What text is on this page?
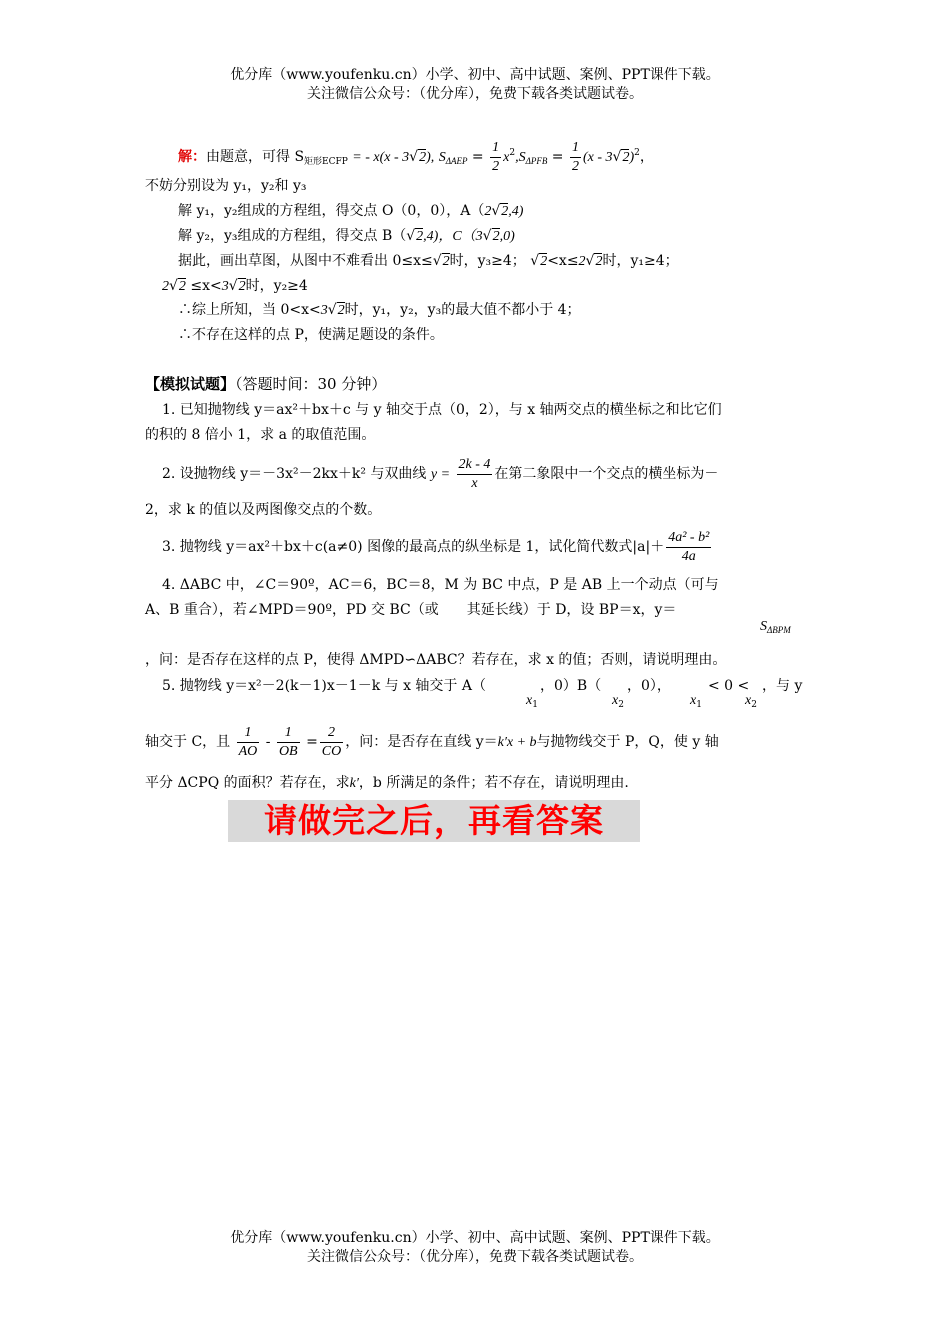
优分库（www.youfenku.cn）小学、初中、高中试题、案例、PPT课件下载。
关注微信公众号：（优分库），免费下载各类试题试卷。
解：由题意，可得 $S_{矩形ECFP}$ = - x(x - 3√2), $S_{\Delta AEP} = \frac{1}{2} x^2,S_{\Delta PFB} = \frac{1}{2} (x - 3√2)^2$，
不妨分别设为 y₁，y₂和 y₃
解 y₁，y₂组成的方程组，得交点 O（0，0），A（2√2,4)
解 y₂，y₃组成的方程组，得交点 B（√2,4)，C（3√2,0)
据此，画出草图，从图中不难看出 0≤x≤√2时，y₃≥4； √2<x≤2√2时，y₁≥4；
2√2 ≤x<3√2时，y₂≥4
∴综上所知，当 0<x<3√2时，y₁，y₂，y₃的最大值不都小于 4；
∴不存在这样的点 P，使满足题设的条件。
【模拟试题】（答题时间：30 分钟）
1. 已知抛物线 y＝ax²＋bx＋c 与 y 轴交于点（0，2），与 x 轴两交点的横坐标之和比它们
的积的 8 倍小 1，求 a 的取值范围。
2. 设抛物线 y＝－3x²－2kx＋k² 与双曲线 $y = \frac{2k - 4}{x}$ 在第二象限中一个交点的横坐标为－
2，求 k 的值以及两图像交点的个数。
3. 抛物线 y＝ax²＋bx＋c(a≠0) 图像的最高点的纵坐标是 1，试化简代数式$|a|+ \frac{\text{4a² - b²}}{4a}$
4. ΔABC 中，∠C＝90º，AC＝6，BC＝8，M 为 BC 中点，P 是 AB 上一个动点（可与
A、B 重合），若∠MPD＝90º，PD 交 BC（或　　其延长线）于 D，设 BP＝x，y＝
$S_{\Delta BPM}$
，问：是否存在这样的点 P，使得 ΔMPD∽ΔABC？若存在，求 x 的值；否则，请说明理由。
5. 抛物线 y＝x²－2(k－1)x－1－k 与 x 轴交于 A（
$x_1$
，0）B（
$x_2$
，0），
$x_1$
< 0 <
$x_2$
，与 y
轴交于 C，且 $\frac{1}{AO} - \frac{1}{OB} = \frac{2}{CO}$ ，问：是否存在直线 y＝k′x + b与抛物线交于 P，Q，使 y 轴
平分 ΔCPQ 的面积？若存在，求k′，b 所满足的条件；若不存在，请说明理由.
请做完之后，再看答案
优分库（www.youfenku.cn）小学、初中、高中试题、案例、PPT课件下载。
关注微信公众号：（优分库），免费下载各类试题试卷。
